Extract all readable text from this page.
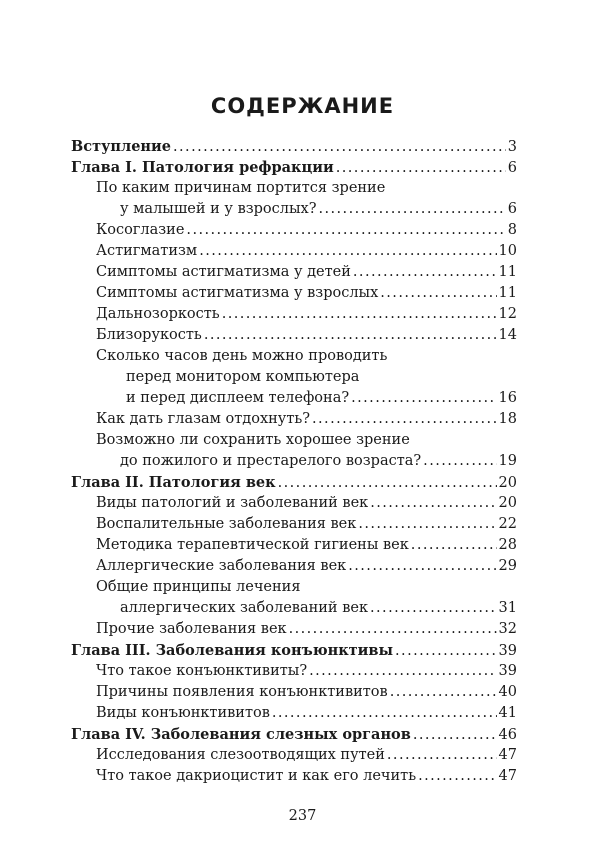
СОДЕРЖАНИЕ
Вступление . . .	3
Глава I. Патология рефракции . . .	6
По каким причинам портится зрение
у малышей и у взрослых? . . .	6
Косоглазие . . .	8
Астигматизм . . .	10
Симптомы астигматизма у детей . . .	11
Симптомы астигматизма у взрослых . . .	11
Дальнозоркость . . .	12
Близорукость . . .	14
Сколько часов день можно проводить
перед монитором компьютера
и перед дисплеем телефона? . . .	16
Как дать глазам отдохнуть? . . .	18
Возможно ли сохранить хорошее зрение
до пожилого и престарелого возраста? . . .	19
Глава II. Патология век . . .	20
Виды патологий и заболеваний век . . .	20
Воспалительные заболевания век . . .	22
Методика терапевтической гигиены век . . .	28
Аллергические заболевания век . . .	29
Общие принципы лечения
аллергических заболеваний век . . .	31
Прочие заболевания век . . .	32
Глава III. Заболевания конъюнктивы . . .	39
Что такое конъюнктивиты? . . .	39
Причины появления конъюнктивитов . . .	40
Виды конъюнктивитов . . .	41
Глава IV. Заболевания слезных органов . . .	46
Исследования слезоотводящих путей . . .	47
Что такое дакриоцистит и как его лечить . . .	47
237
